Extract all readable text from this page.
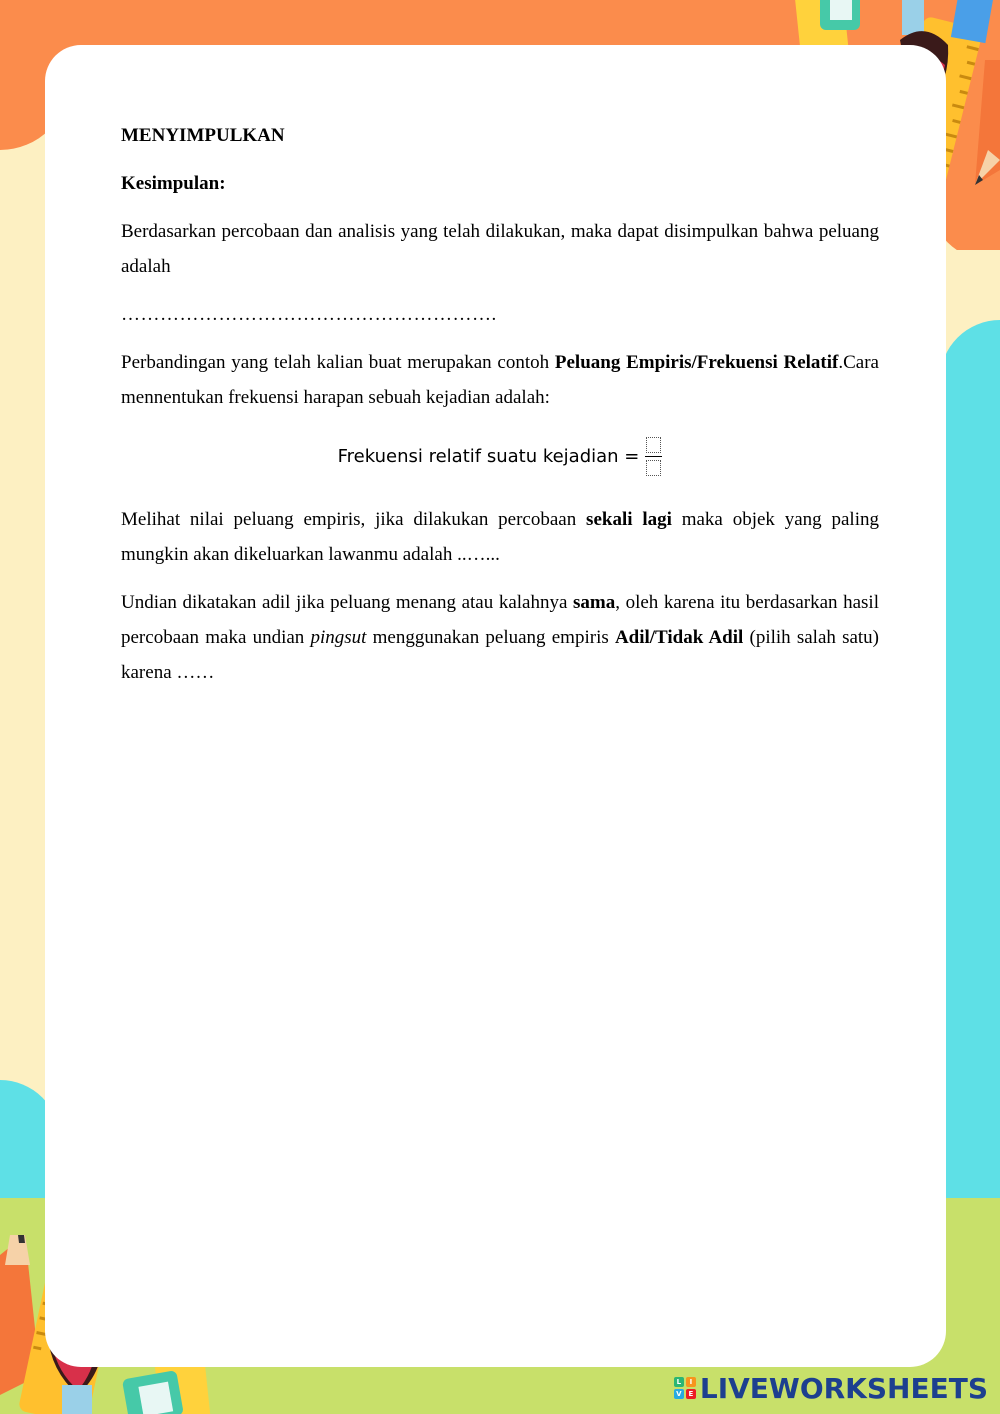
MENYIMPULKAN

Kesimpulan:

Berdasarkan percobaan dan analisis yang telah dilakukan, maka dapat disimpulkan bahwa peluang adalah

………………………………………………….

Perbandingan yang telah kalian buat merupakan contoh Peluang Empiris/Frekuensi Relatif.Cara mennentukan frekuensi harapan sebuah kejadian adalah:

Frekuensi relatif suatu kejadian =

Melihat nilai peluang empiris, jika dilakukan percobaan sekali lagi maka objek yang paling mungkin akan dikeluarkan lawanmu adalah ..…...

Undian dikatakan adil jika peluang menang atau kalahnya sama, oleh karena itu berdasarkan hasil percobaan maka undian pingsut menggunakan peluang empiris Adil/Tidak Adil (pilih salah satu) karena ……

L	I
V E LIVEWORKSHEETS
